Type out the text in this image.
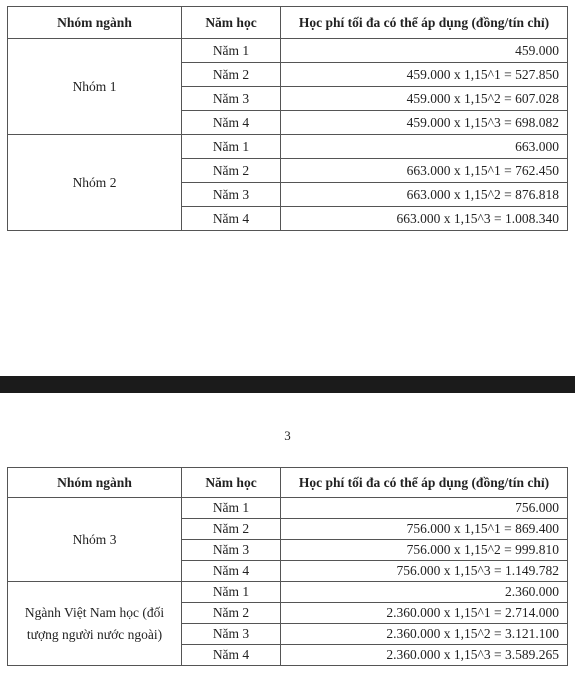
Nhóm ngành	Năm học	Học phí tối đa có thể áp dụng (đồng/tín chỉ)
Nhóm 1	Năm 1	459.000
	Năm 2	459.000 x 1,15^1 = 527.850
	Năm 3	459.000 x 1,15^2 = 607.028
	Năm 4	459.000 x 1,15^3 = 698.082
Nhóm 2	Năm 1	663.000
	Năm 2	663.000 x 1,15^1 = 762.450
	Năm 3	663.000 x 1,15^2 = 876.818
	Năm 4	663.000 x 1,15^3 = 1.008.340
3
Nhóm ngành	Năm học	Học phí tối đa có thể áp dụng (đồng/tín chỉ)
Nhóm 3	Năm 1	756.000
	Năm 2	756.000 x 1,15^1 = 869.400
	Năm 3	756.000 x 1,15^2 = 999.810
	Năm 4	756.000 x 1,15^3 = 1.149.782
Ngành Việt Nam học (đối tượng người nước ngoài)	Năm 1	2.360.000
	Năm 2	2.360.000 x 1,15^1 = 2.714.000
	Năm 3	2.360.000 x 1,15^2 = 3.121.100
	Năm 4	2.360.000 x 1,15^3 = 3.589.265
